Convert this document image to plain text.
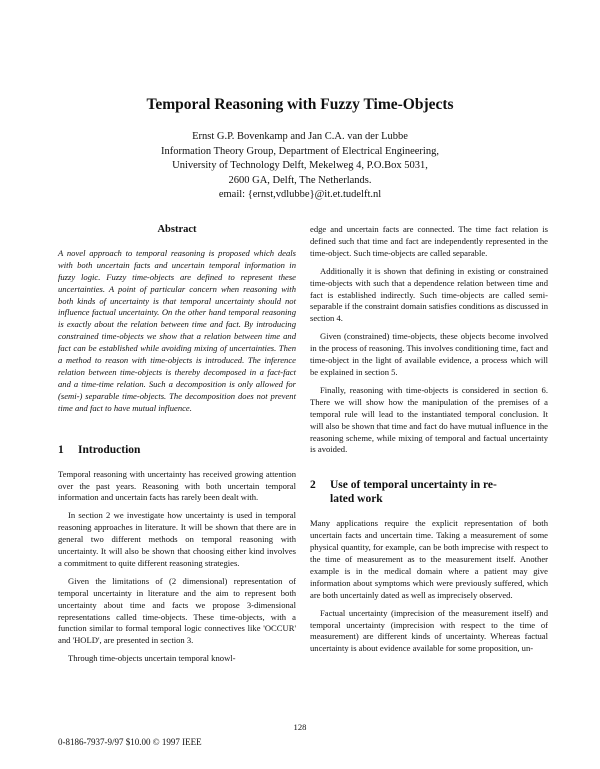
Temporal Reasoning with Fuzzy Time-Objects
Ernst G.P. Bovenkamp and Jan C.A. van der Lubbe
Information Theory Group, Department of Electrical Engineering,
University of Technology Delft, Mekelweg 4, P.O.Box 5031,
2600 GA, Delft, The Netherlands.
email: {ernst,vdlubbe}@it.et.tudelft.nl
Abstract

A novel approach to temporal reasoning is proposed which deals with both uncertain facts and uncertain temporal information in fuzzy logic. Fuzzy time-objects are defined to represent these uncertainties. A point of particular concern when reasoning with both kinds of uncertainty is that temporal uncertainty should not influence factual uncertainty. On the other hand temporal reasoning is exactly about the relation between time and fact. By introducing constrained time-objects we show that a relation between time and fact can be established while avoiding mixing of uncertainties. Then a method to reason with time-objects is introduced. The inference relation between time-objects is thereby decomposed in a fact-fact and a time-time relation. Such a decomposition is only allowed for (semi-) separable time-objects. The decomposition does not prevent time and fact to have mutual influence.

1	Introduction

Temporal reasoning with uncertainty has received growing attention over the past years. Reasoning with both uncertain temporal information and uncertain facts has rarely been dealt with.

In section 2 we investigate how uncertainty is used in temporal reasoning approaches in literature. It will be shown that there are in general two different methods on temporal reasoning with uncertainty. It will also be shown that choosing either kind involves a commitment to quite different reasoning strategies.

Given the limitations of (2 dimensional) representation of temporal uncertainty in literature and the aim to represent both uncertainty about time and facts we propose 3-dimensional representations called time-objects. These time-objects, with a function similar to formal temporal logic connectives like 'OCCUR' and 'HOLD', are presented in section 3.

Through time-objects uncertain temporal knowl-

edge and uncertain facts are connected. The time fact relation is defined such that time and fact are independently represented in the time-object. Such time-objects are called separable.

Additionally it is shown that defining in existing or constrained time-objects with such that a dependence relation between time and fact is established indirectly. Such time-objects are called semi-separable if the constraint domain satisfies conditions as discussed in section 4.

Given (constrained) time-objects, these objects become involved in the process of reasoning. This involves conditioning time, fact and time-object in the light of available evidence, a process which will be explained in section 5.

Finally, reasoning with time-objects is considered in section 6. There we will show how the manipulation of the premises of a temporal rule will lead to the instantiated temporal conclusion. It will also be shown that time and fact do have mutual influence in the reasoning scheme, while mixing of temporal and factual uncertainty is avoided.

2	Use of temporal uncertainty in re-
lated work

Many applications require the explicit representation of both uncertain facts and uncertain time. Taking a measurement of some physical quantity, for example, can be both imprecise with respect to the time of measurement as to the measurement itself. Another example is in the medical domain where a patient may give information about symptoms which were previously suffered, which are both uncertainly dated as well as imprecisely observed.

Factual uncertainty (imprecision of the measurement itself) and temporal uncertainty (imprecision with respect to the time of measurement) are different kinds of uncertainty. Whereas factual uncertainty is about evidence available for some proposition, un-

128
0-8186-7937-9/97 $10.00 © 1997 IEEE
